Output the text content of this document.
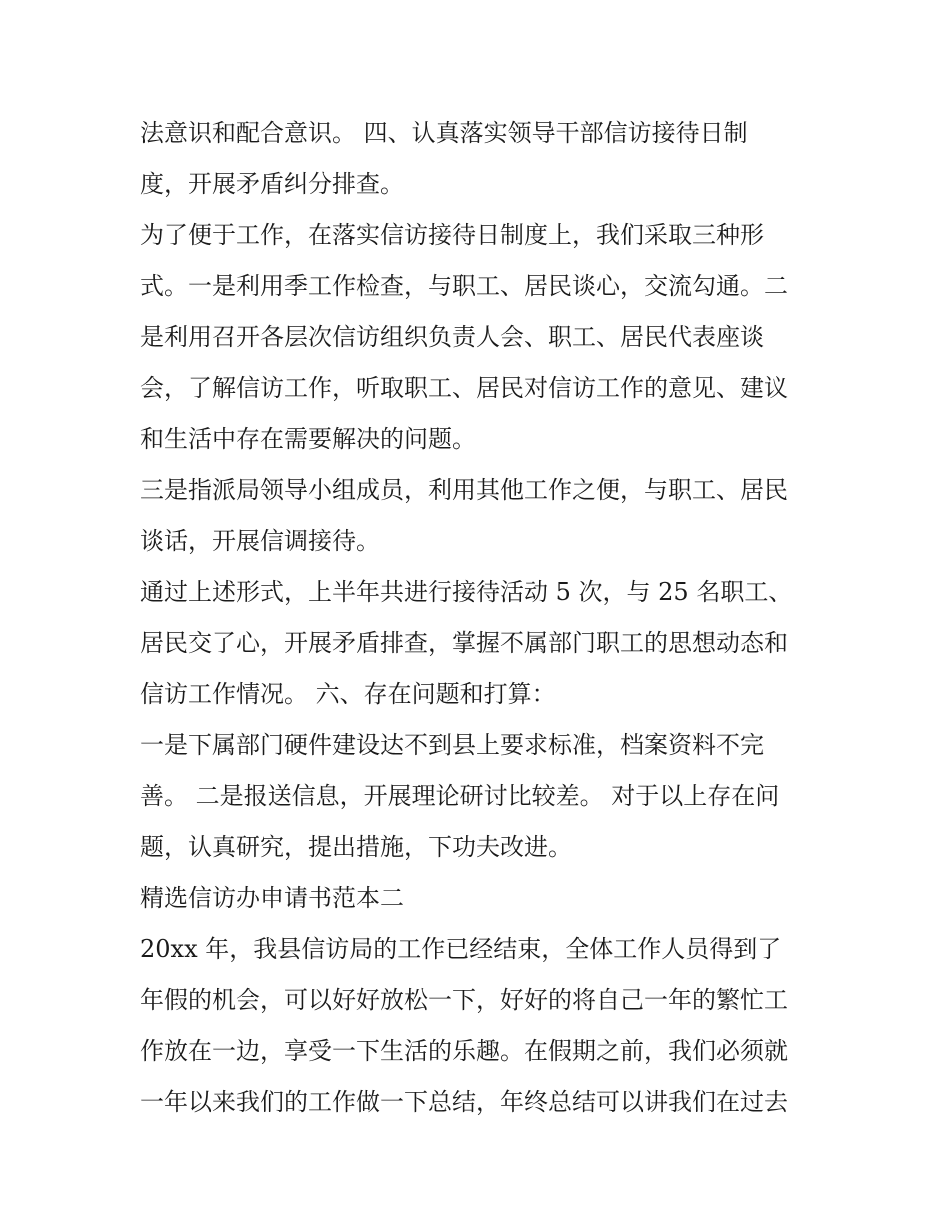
法意识和配合意识。 四、认真落实领导干部信访接待日制
度，开展矛盾纠分排查。
为了便于工作，在落实信访接待日制度上，我们采取三种形
式。一是利用季工作检查，与职工、居民谈心，交流勾通。二
是利用召开各层次信访组织负责人会、职工、居民代表座谈
会，了解信访工作，听取职工、居民对信访工作的意见、建议
和生活中存在需要解决的问题。
三是指派局领导小组成员，利用其他工作之便，与职工、居民
谈话，开展信调接待。
通过上述形式，上半年共进行接待活动 5 次，与 25 名职工、
居民交了心，开展矛盾排查，掌握不属部门职工的思想动态和
信访工作情况。 六、存在问题和打算：
一是下属部门硬件建设达不到县上要求标准，档案资料不完
善。 二是报送信息，开展理论研讨比较差。 对于以上存在问
题，认真研究，提出措施，下功夫改进。
精选信访办申请书范本二
20xx 年，我县信访局的工作已经结束，全体工作人员得到了
年假的机会，可以好好放松一下，好好的将自己一年的繁忙工
作放在一边，享受一下生活的乐趣。在假期之前，我们必须就
一年以来我们的工作做一下总结，年终总结可以讲我们在过去
